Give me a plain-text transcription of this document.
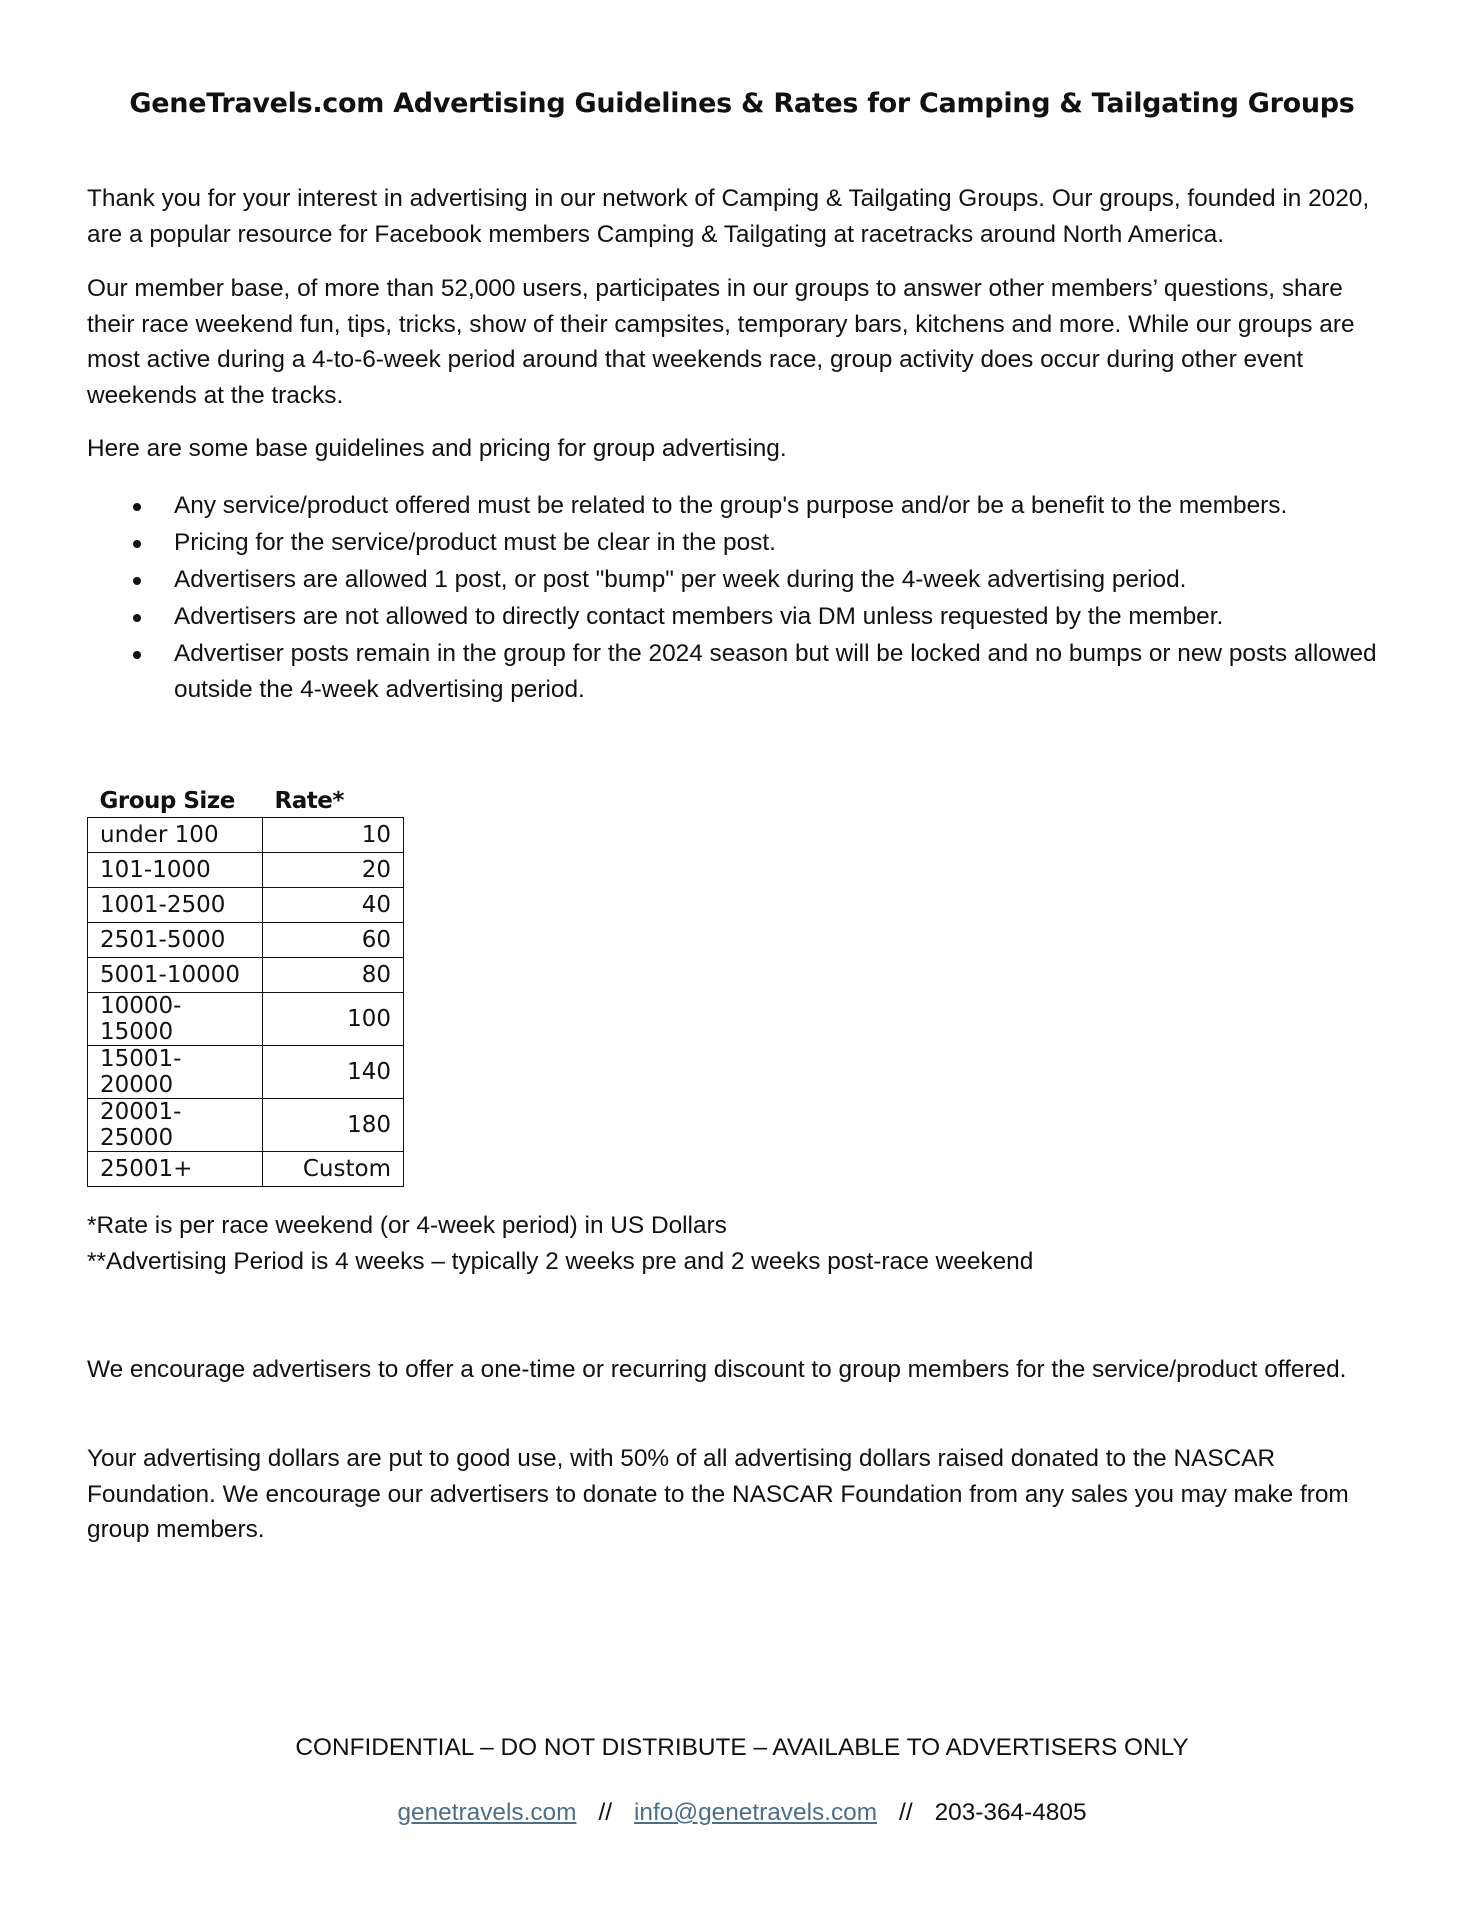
GeneTravels.com Advertising Guidelines & Rates for Camping & Tailgating Groups

Thank you for your interest in advertising in our network of Camping & Tailgating Groups. Our groups, founded in 2020, are a popular resource for Facebook members Camping & Tailgating at racetracks around North America.

Our member base, of more than 52,000 users, participates in our groups to answer other members’ questions, share their race weekend fun, tips, tricks, show of their campsites, temporary bars, kitchens and more. While our groups are most active during a 4-to-6-week period around that weekends race, group activity does occur during other event weekends at the tracks.

Here are some base guidelines and pricing for group advertising.

Any service/product offered must be related to the group's purpose and/or be a benefit to the members.
Pricing for the service/product must be clear in the post.
Advertisers are allowed 1 post, or post "bump" per week during the 4-week advertising period.
Advertisers are not allowed to directly contact members via DM unless requested by the member.
Advertiser posts remain in the group for the 2024 season but will be locked and no bumps or new posts allowed outside the 4-week advertising period.
Group Size	Rate*
under 100	10
101-1000	20
1001-2500	40
2501-5000	60
5001-10000	80
10000-15000	100
15001-20000	140
20001-25000	180
25001+	Custom
*Rate is per race weekend (or 4-week period) in US Dollars
**Advertising Period is 4 weeks – typically 2 weeks pre and 2 weeks post-race weekend

We encourage advertisers to offer a one-time or recurring discount to group members for the service/product offered.

Your advertising dollars are put to good use, with 50% of all advertising dollars raised donated to the NASCAR Foundation. We encourage our advertisers to donate to the NASCAR Foundation from any sales you may make from group members.

CONFIDENTIAL – DO NOT DISTRIBUTE – AVAILABLE TO ADVERTISERS ONLY

genetravels.com // info@genetravels.com // 203-364-4805
